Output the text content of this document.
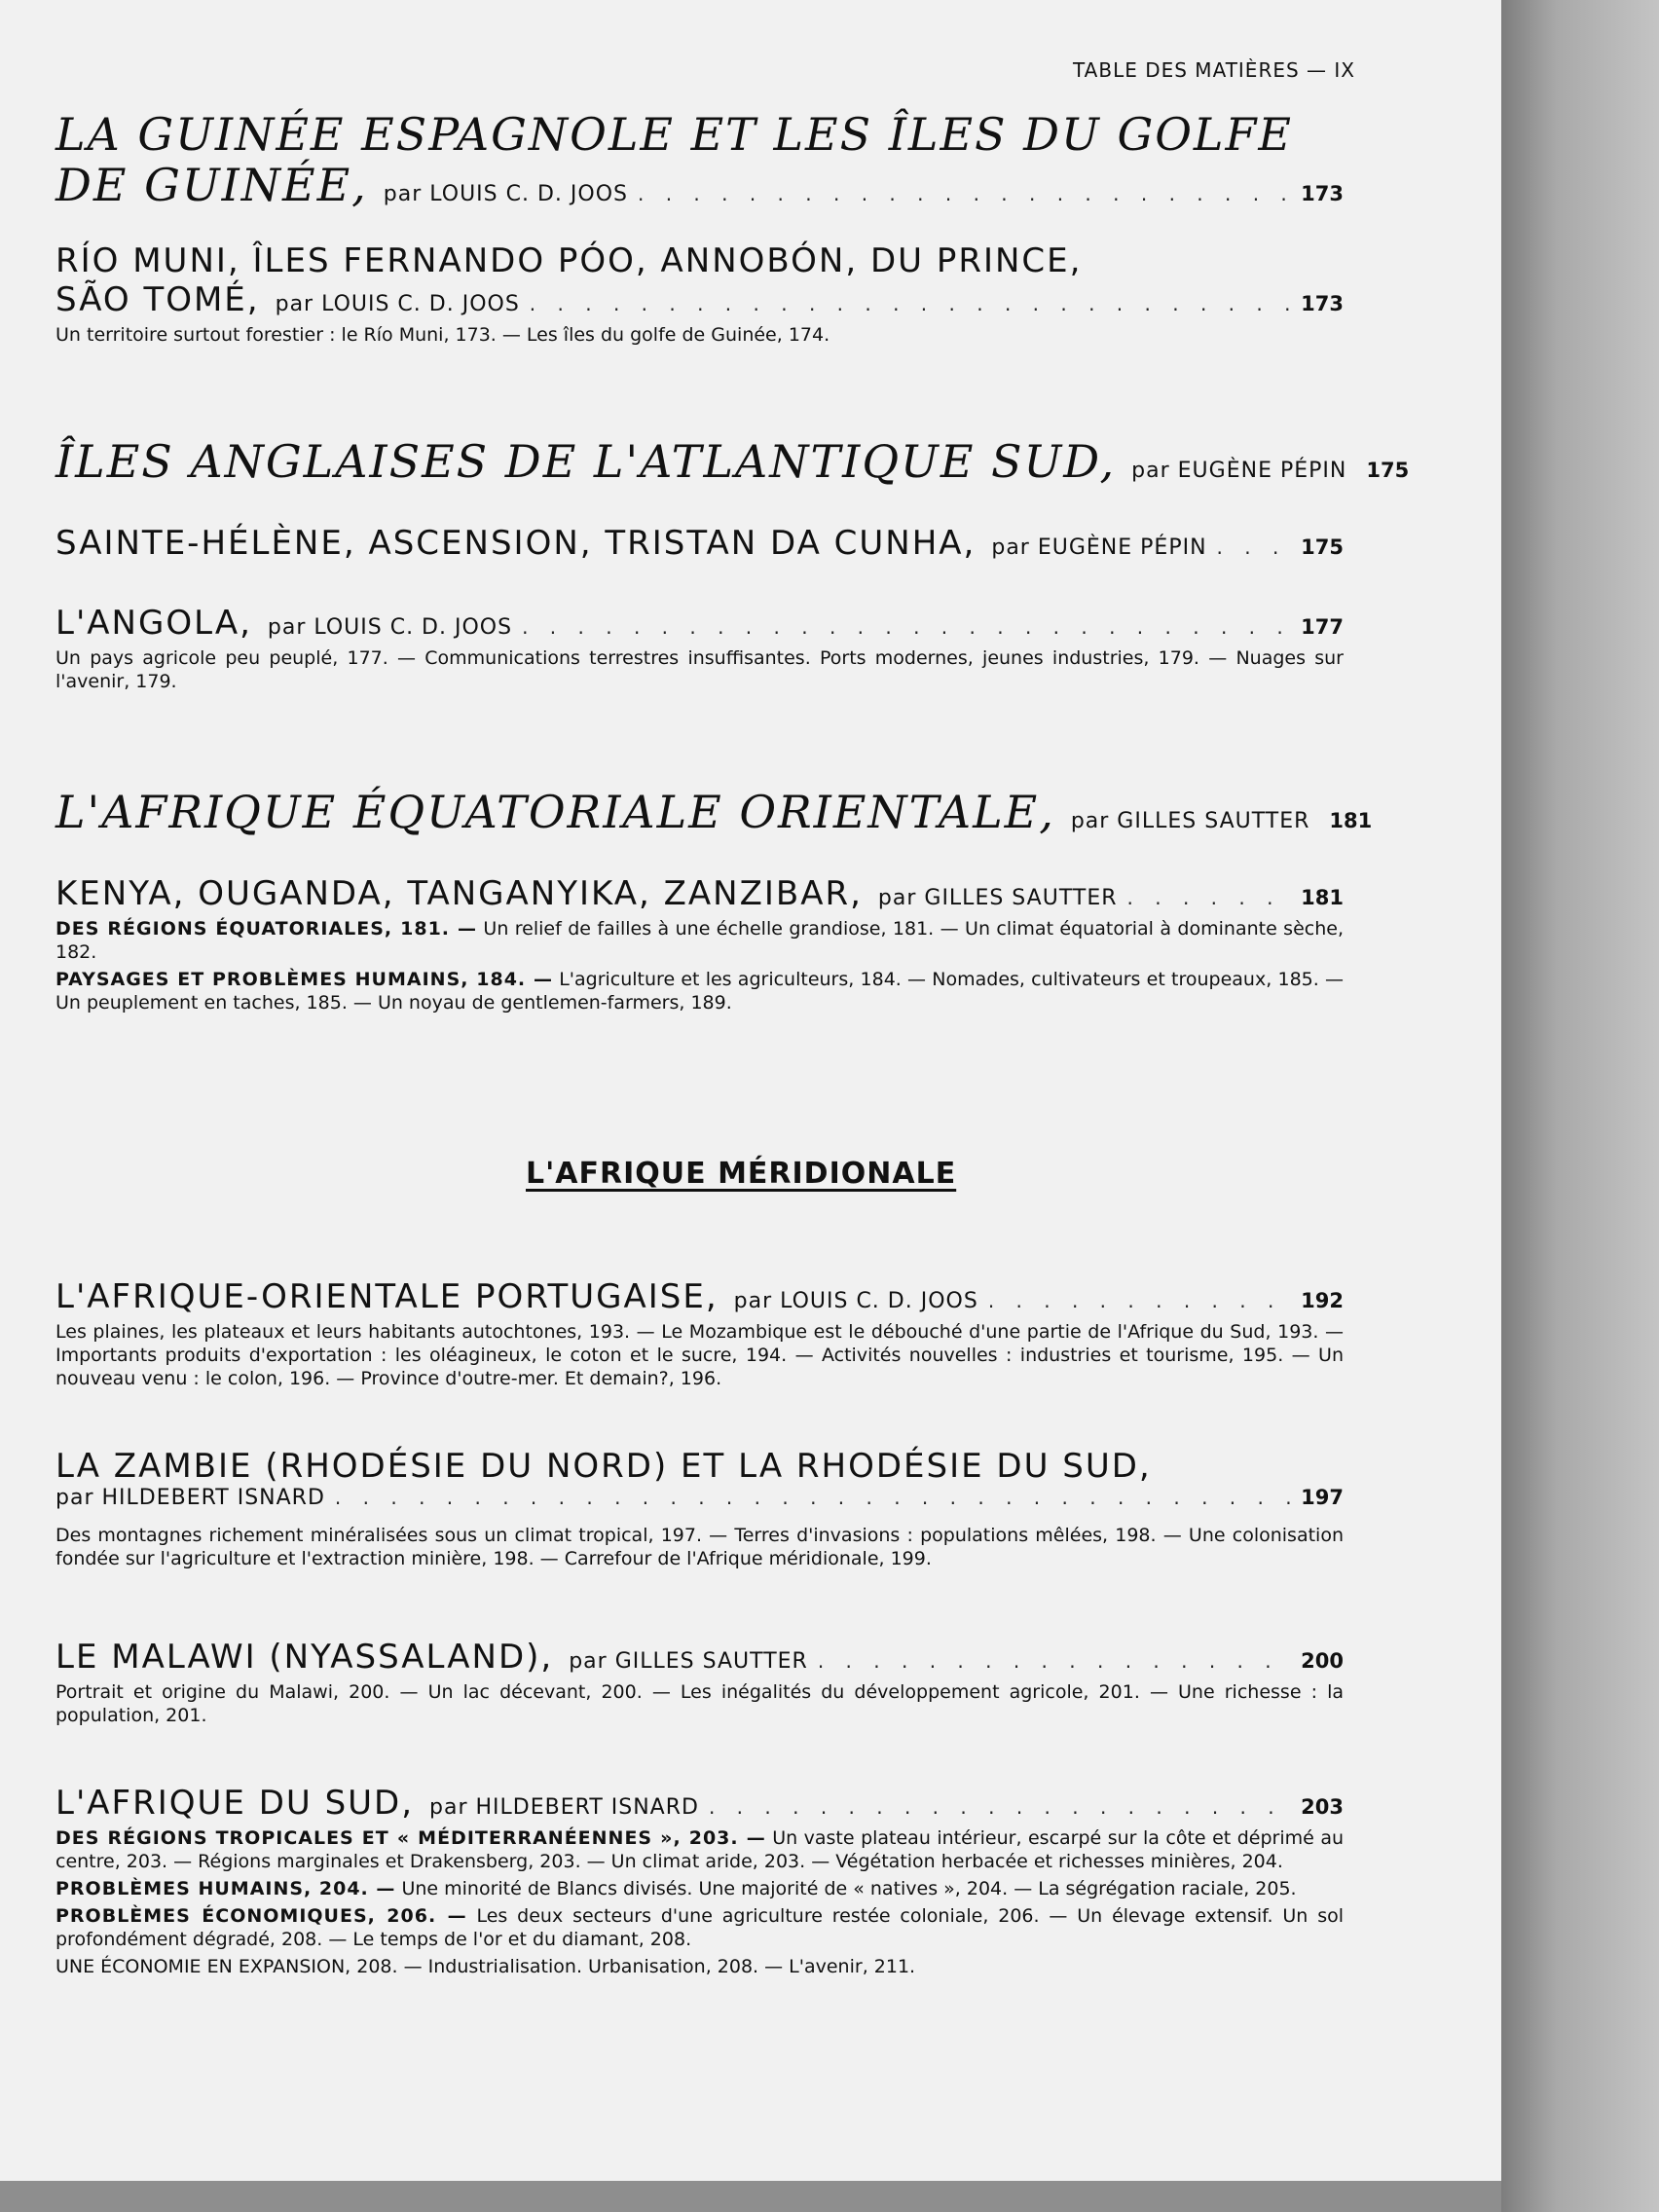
TABLE DES MATIÈRES — IX
LA GUINÉE ESPAGNOLE ET LES ÎLES DU GOLFE
DE GUINÉE, par LOUIS C. D. JOOS . . .	173
RÍO MUNI, ÎLES FERNANDO PÓO, ANNOBÓN, DU PRINCE,
SÃO TOMÉ, par LOUIS C. D. JOOS . . .	173
Un territoire surtout forestier : le Río Muni, 173. — Les îles du golfe de Guinée, 174.
ÎLES ANGLAISES DE L'ATLANTIQUE SUD, par EUGÈNE PÉPIN 175
SAINTE-HÉLÈNE, ASCENSION, TRISTAN DA CUNHA, par EUGÈNE PÉPIN . . .	175
L'ANGOLA, par LOUIS C. D. JOOS . . .	177
Un pays agricole peu peuplé, 177. — Communications terrestres insuffisantes. Ports modernes, jeunes industries, 179. — Nuages sur l'avenir, 179.
L'AFRIQUE ÉQUATORIALE ORIENTALE, par GILLES SAUTTER 181
KENYA, OUGANDA, TANGANYIKA, ZANZIBAR, par GILLES SAUTTER . . .	181
DES RÉGIONS ÉQUATORIALES, 181. — Un relief de failles à une échelle grandiose, 181. — Un climat équatorial à dominante sèche, 182.
PAYSAGES ET PROBLÈMES HUMAINS, 184. — L'agriculture et les agriculteurs, 184. — Nomades, cultivateurs et troupeaux, 185. — Un peuplement en taches, 185. — Un noyau de gentlemen-farmers, 189.
L'AFRIQUE MÉRIDIONALE
L'AFRIQUE-ORIENTALE PORTUGAISE, par LOUIS C. D. JOOS . . .	192
Les plaines, les plateaux et leurs habitants autochtones, 193. — Le Mozambique est le débouché d'une partie de l'Afrique du Sud, 193. — Importants produits d'exportation : les oléagineux, le coton et le sucre, 194. — Activités nouvelles : industries et tourisme, 195. — Un nouveau venu : le colon, 196. — Province d'outre-mer. Et demain?, 196.
LA ZAMBIE (RHODÉSIE DU NORD) ET LA RHODÉSIE DU SUD,
par HILDEBERT ISNARD . . .	197
Des montagnes richement minéralisées sous un climat tropical, 197. — Terres d'invasions : populations mêlées, 198. — Une colonisation fondée sur l'agriculture et l'extraction minière, 198. — Carrefour de l'Afrique méridionale, 199.
LE MALAWI (NYASSALAND), par GILLES SAUTTER . . .	200
Portrait et origine du Malawi, 200. — Un lac décevant, 200. — Les inégalités du développement agricole, 201. — Une richesse : la population, 201.
L'AFRIQUE DU SUD, par HILDEBERT ISNARD . . .	203
DES RÉGIONS TROPICALES ET « MÉDITERRANÉENNES », 203. — Un vaste plateau intérieur, escarpé sur la côte et déprimé au centre, 203. — Régions marginales et Drakensberg, 203. — Un climat aride, 203. — Végétation herbacée et richesses minières, 204.
PROBLÈMES HUMAINS, 204. — Une minorité de Blancs divisés. Une majorité de « natives », 204. — La ségrégation raciale, 205.
PROBLÈMES ÉCONOMIQUES, 206. — Les deux secteurs d'une agriculture restée coloniale, 206. — Un élevage extensif. Un sol profondément dégradé, 208. — Le temps de l'or et du diamant, 208.
UNE ÉCONOMIE EN EXPANSION, 208. — Industrialisation. Urbanisation, 208. — L'avenir, 211.
